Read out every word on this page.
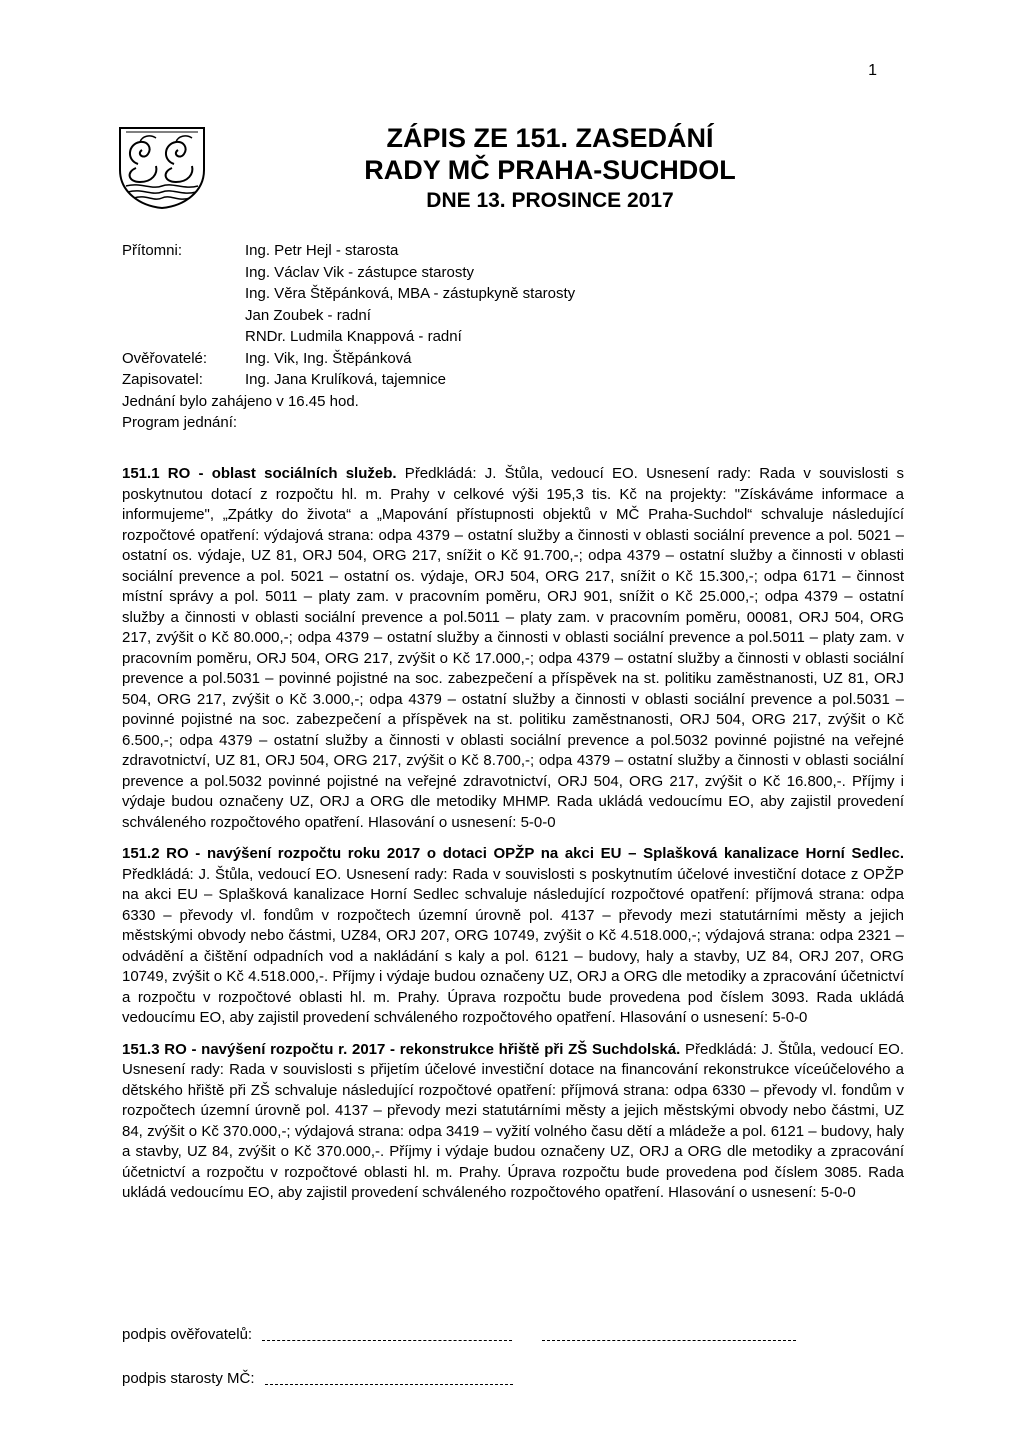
1
ZÁPIS ZE 151. ZASEDÁNÍ
RADY MČ PRAHA-SUCHDOL
DNE 13. PROSINCE 2017
Přítomni:	Ing. Petr Hejl - starosta
Ing. Václav Vik - zástupce starosty
Ing. Věra Štěpánková, MBA - zástupkyně starosty
Jan Zoubek - radní
RNDr. Ludmila Knappová - radní
Ověřovatelé:	Ing. Vik, Ing. Štěpánková
Zapisovatel:	Ing. Jana Krulíková, tajemnice
Jednání bylo zahájeno v 16.45 hod.
Program jednání:

151.1 RO - oblast sociálních služeb. Předkládá: J. Štůla, vedoucí EO. Usnesení rady: Rada v souvislosti s poskytnutou dotací z rozpočtu hl. m. Prahy v celkové výši 195,3 tis. Kč na projekty: "Získáváme informace a informujeme", „Zpátky do života“ a „Mapování přístupnosti objektů v MČ Praha-Suchdol“ schvaluje následující rozpočtové opatření: výdajová strana: odpa 4379 – ostatní služby a činnosti v oblasti sociální prevence a pol. 5021 – ostatní os. výdaje, UZ 81, ORJ 504, ORG 217, snížit o Kč 91.700,-; odpa 4379 – ostatní služby a činnosti v oblasti sociální prevence a pol. 5021 – ostatní os. výdaje, ORJ 504, ORG 217, snížit o Kč 15.300,-; odpa 6171 – činnost místní správy a pol. 5011 – platy zam. v pracovním poměru, ORJ 901, snížit o Kč 25.000,-; odpa 4379 – ostatní služby a činnosti v oblasti sociální prevence a pol.5011 – platy zam. v pracovním poměru, 00081, ORJ 504, ORG 217, zvýšit o Kč 80.000,-; odpa 4379 – ostatní služby a činnosti v oblasti sociální prevence a pol.5011 – platy zam. v pracovním poměru, ORJ 504, ORG 217, zvýšit o Kč 17.000,-; odpa 4379 – ostatní služby a činnosti v oblasti sociální prevence a pol.5031 – povinné pojistné na soc. zabezpečení a příspěvek na st. politiku zaměstnanosti, UZ 81, ORJ 504, ORG 217, zvýšit o Kč 3.000,-; odpa 4379 – ostatní služby a činnosti v oblasti sociální prevence a pol.5031 – povinné pojistné na soc. zabezpečení a příspěvek na st. politiku zaměstnanosti, ORJ 504, ORG 217, zvýšit o Kč 6.500,-; odpa 4379 – ostatní služby a činnosti v oblasti sociální prevence a pol.5032 povinné pojistné na veřejné zdravotnictví, UZ 81, ORJ 504, ORG 217, zvýšit o Kč 8.700,-; odpa 4379 – ostatní služby a činnosti v oblasti sociální prevence a pol.5032 povinné pojistné na veřejné zdravotnictví, ORJ 504, ORG 217, zvýšit o Kč 16.800,-. Příjmy i výdaje budou označeny UZ, ORJ a ORG dle metodiky MHMP. Rada ukládá vedoucímu EO, aby zajistil provedení schváleného rozpočtového opatření. Hlasování o usnesení: 5-0-0

151.2 RO - navýšení rozpočtu roku 2017 o dotaci OPŽP na akci EU – Splašková kanalizace Horní Sedlec. Předkládá: J. Štůla, vedoucí EO. Usnesení rady: Rada v souvislosti s poskytnutím účelové investiční dotace z OPŽP na akci EU – Splašková kanalizace Horní Sedlec schvaluje následující rozpočtové opatření: příjmová strana: odpa 6330 – převody vl. fondům v rozpočtech územní úrovně pol. 4137 – převody mezi statutárními městy a jejich městskými obvody nebo částmi, UZ84, ORJ 207, ORG 10749, zvýšit o Kč 4.518.000,-; výdajová strana: odpa 2321 – odvádění a čištění odpadních vod a nakládání s kaly a pol. 6121 – budovy, haly a stavby, UZ 84, ORJ 207, ORG 10749, zvýšit o Kč 4.518.000,-. Příjmy i výdaje budou označeny UZ, ORJ a ORG dle metodiky a zpracování účetnictví a rozpočtu v rozpočtové oblasti hl. m. Prahy. Úprava rozpočtu bude provedena pod číslem 3093. Rada ukládá vedoucímu EO, aby zajistil provedení schváleného rozpočtového opatření. Hlasování o usnesení: 5-0-0

151.3 RO - navýšení rozpočtu r. 2017 - rekonstrukce hřiště při ZŠ Suchdolská. Předkládá: J. Štůla, vedoucí EO. Usnesení rady: Rada v souvislosti s přijetím účelové investiční dotace na financování rekonstrukce víceúčelového a dětského hřiště při ZŠ schvaluje následující rozpočtové opatření: příjmová strana: odpa 6330 – převody vl. fondům v rozpočtech územní úrovně pol. 4137 – převody mezi statutárními městy a jejich městskými obvody nebo částmi, UZ 84, zvýšit o Kč 370.000,-; výdajová strana: odpa 3419 – vyžití volného času dětí a mládeže a pol. 6121 – budovy, haly a stavby, UZ 84, zvýšit o Kč 370.000,-. Příjmy i výdaje budou označeny UZ, ORJ a ORG dle metodiky a zpracování účetnictví a rozpočtu v rozpočtové oblasti hl. m. Prahy. Úprava rozpočtu bude provedena pod číslem 3085. Rada ukládá vedoucímu EO, aby zajistil provedení schváleného rozpočtového opatření. Hlasování o usnesení: 5-0-0

podpis ověřovatelů:
podpis starosty MČ:
